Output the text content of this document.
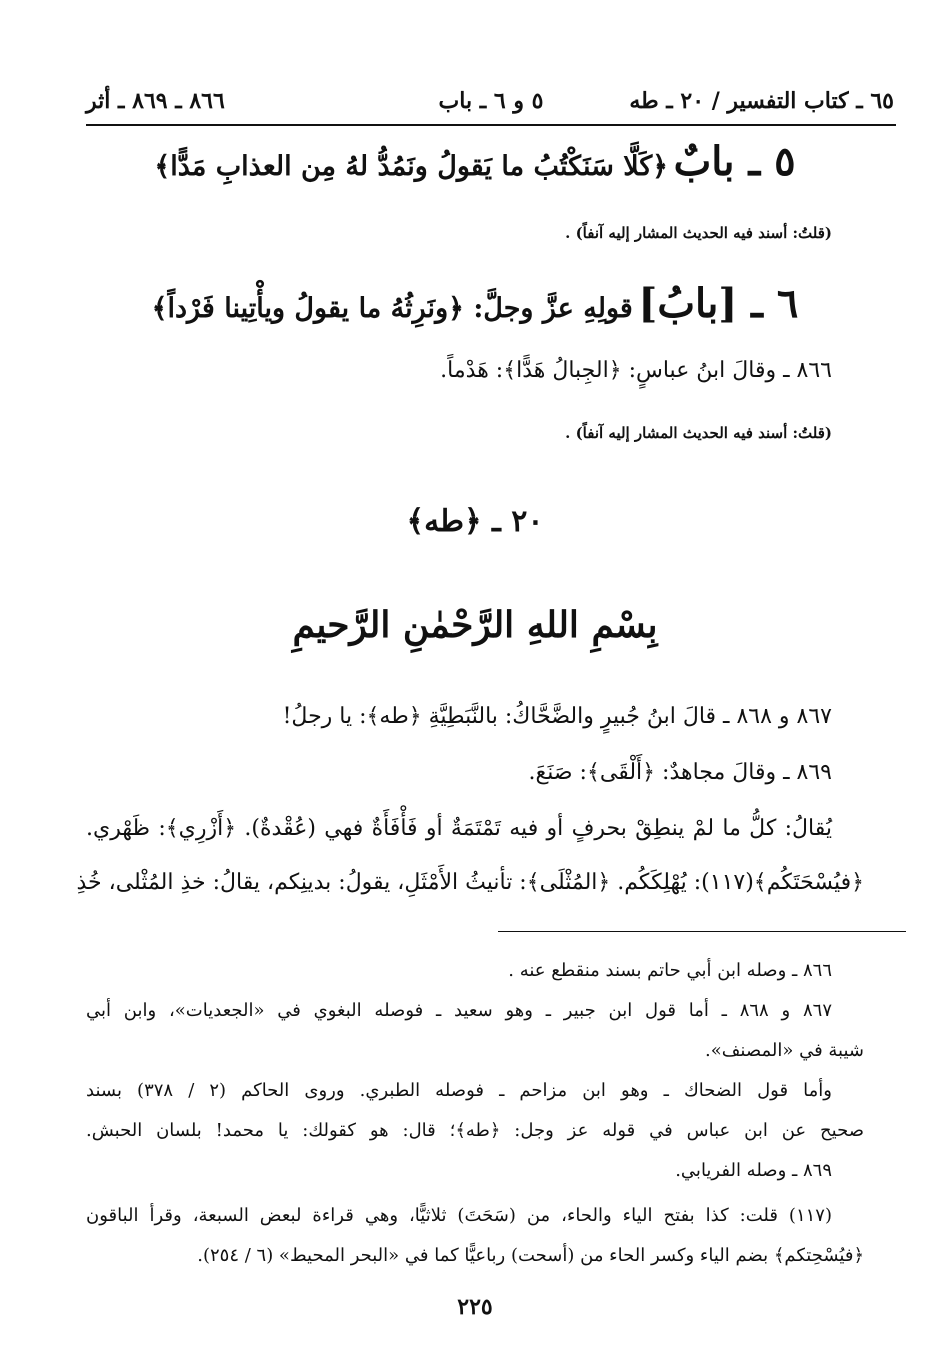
٦٥ ـ كتاب التفسير / ٢٠ ـ طه
٥ و ٦ ـ باب
٨٦٦ ـ ٨٦٩ ـ أثر
٥ ـ بابٌ ﴿كَلَّا سَنَكْتُبُ ما يَقولُ ونَمُدُّ لهُ مِن العذابِ مَدًّا﴾
(قلتُ: أسند فيه الحديث المشار إليه آنفاً) .
٦ ـ [بابُ] قولِهِ عزَّ وجلَّ: ﴿ونَرِثُهُ ما يقولُ ويأْتِينا فَرْداً﴾
٨٦٦ ـ وقالَ ابنُ عباسٍ: ﴿الجِبالُ هَدًّا﴾: هَدْماً.
(قلتُ: أسند فيه الحديث المشار إليه آنفاً) .
٢٠ ـ ﴿طه﴾
بِسْمِ اللهِ الرَّحْمٰنِ الرَّحيمِ
٨٦٧ و ٨٦٨ ـ قالَ ابنُ جُبيرٍ والضَّحَّاكُ: بالنَّبَطِيَّةِ ﴿طه﴾: يا رجلُ!
٨٦٩ ـ وقالَ مجاهدٌ: ﴿أَلْقَى﴾: صَنَعَ.
يُقالُ: كلُّ ما لمْ ينطِقْ بحرفٍ أو فيه تَمْتَمَةٌ أو فَأْفَأَةٌ فهي (عُقْدةٌ). ﴿أَزْرِي﴾: ظَهْري.
﴿فيُسْحَتَكُم﴾(١١٧): يُهْلِكَكُم. ﴿المُثْلَى﴾: تأنيثُ الأَمْثَلِ، يقولُ: بدينِكم، يقالُ: خذِ المُثْلى، خُذِ
٨٦٦ ـ وصله ابن أبي حاتم بسند منقطع عنه .
٨٦٧ و ٨٦٨ ـ أما قول ابن جبير ـ وهو سعيد ـ فوصله البغوي في «الجعديات»، وابن أبي
شيبة في «المصنف».
وأما قول الضحاك ـ وهو ابن مزاحم ـ فوصله الطبري. وروى الحاكم (٢ / ٣٧٨) بسند
صحيح عن ابن عباس في قوله عز وجل: ﴿طه﴾؛ قال: هو كقولك: يا محمد! بلسان الحبش.
٨٦٩ ـ وصله الفريابي.
(١١٧) قلت: كذا بفتح الياء والحاء، من (سَحَتَ) ثلاثيًّا، وهي قراءة لبعض السبعة، وقرأ الباقون
﴿فيُسْحِتكم﴾ بضم الياء وكسر الحاء من (أسحت) رباعيًّا كما في «البحر المحيط» (٦ / ٢٥٤).
٢٢٥
